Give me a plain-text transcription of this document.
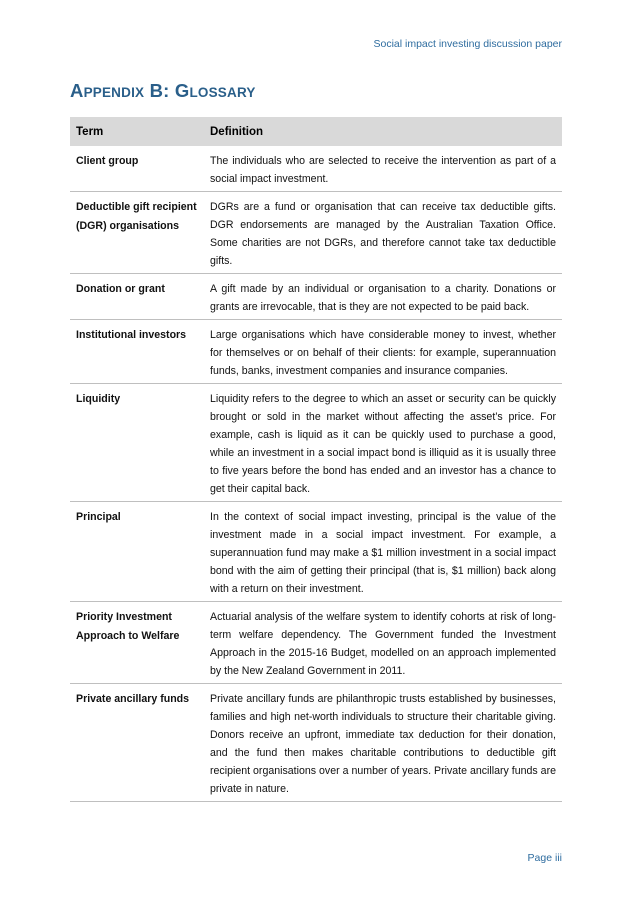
Social impact investing discussion paper
APPENDIX B: GLOSSARY
Term	Definition
Client group	The individuals who are selected to receive the intervention as part of a social impact investment.
Deductible gift recipient (DGR) organisations	DGRs are a fund or organisation that can receive tax deductible gifts. DGR endorsements are managed by the Australian Taxation Office. Some charities are not DGRs, and therefore cannot take tax deductible gifts.
Donation or grant	A gift made by an individual or organisation to a charity. Donations or grants are irrevocable, that is they are not expected to be paid back.
Institutional investors	Large organisations which have considerable money to invest, whether for themselves or on behalf of their clients: for example, superannuation funds, banks, investment companies and insurance companies.
Liquidity	Liquidity refers to the degree to which an asset or security can be quickly brought or sold in the market without affecting the asset’s price. For example, cash is liquid as it can be quickly used to purchase a good, while an investment in a social impact bond is illiquid as it is usually three to five years before the bond has ended and an investor has a chance to get their capital back.
Principal	In the context of social impact investing, principal is the value of the investment made in a social impact investment. For example, a superannuation fund may make a $1 million investment in a social impact bond with the aim of getting their principal (that is, $1 million) back along with a return on their investment.
Priority Investment Approach to Welfare	Actuarial analysis of the welfare system to identify cohorts at risk of long-term welfare dependency. The Government funded the Investment Approach in the 2015-16 Budget, modelled on an approach implemented by the New Zealand Government in 2011.
Private ancillary funds	Private ancillary funds are philanthropic trusts established by businesses, families and high net-worth individuals to structure their charitable giving. Donors receive an upfront, immediate tax deduction for their donation, and the fund then makes charitable contributions to deductible gift recipient organisations over a number of years. Private ancillary funds are private in nature.
Page iii
